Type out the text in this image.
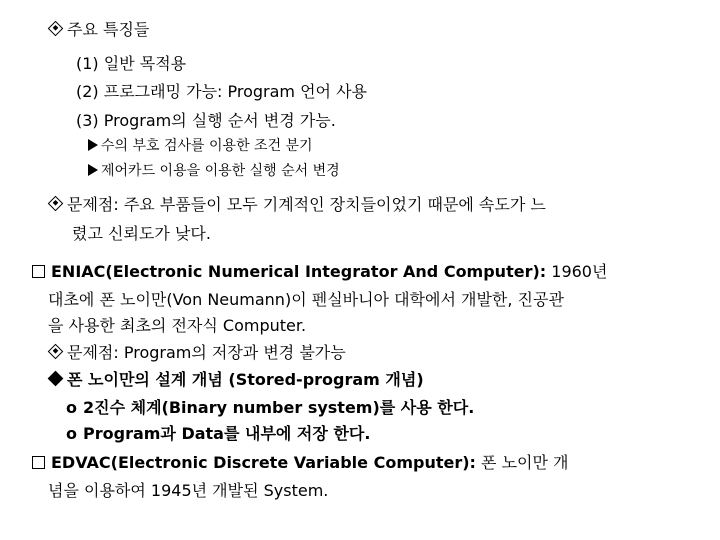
주요 특징들
(1) 일반 목적용
(2) 프로그래밍 가능: Program 언어 사용
(3) Program의 실행 순서 변경 가능.
수의 부호 검사를 이용한 조건 분기
제어카드 이용을 이용한 실행 순서 변경
문제점: 주요 부품들이 모두 기계적인 장치들이었기 때문에 속도가 느
렸고 신뢰도가 낮다.
ENIAC(Electronic Numerical Integrator And Computer): 1960년
대초에 폰 노이만(Von Neumann)이 펜실바니아 대학에서 개발한, 진공관
을 사용한 최초의 전자식 Computer.
문제점: Program의 저장과 변경 불가능
폰 노이만의 설계 개념 (Stored-program 개념)
o 2진수 체계(Binary number system)를 사용 한다.
o Program과 Data를 내부에 저장 한다.
EDVAC(Electronic Discrete Variable Computer): 폰 노이만 개
념을 이용하여 1945년 개발된 System.
